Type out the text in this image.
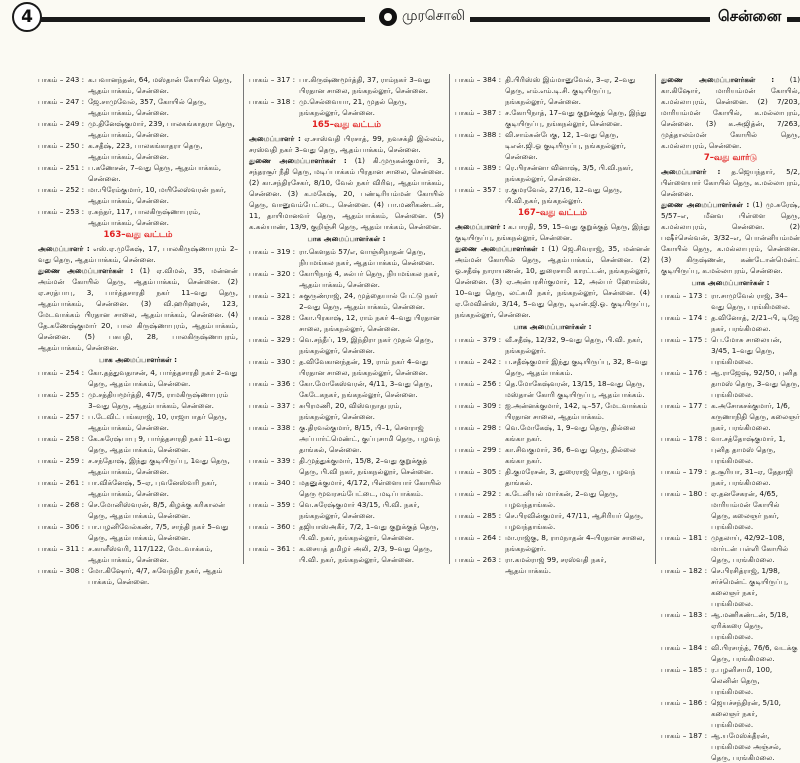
4	முரசொலி	சென்னை
பாகம் – 243 : க.பவானந்தன், 64, மஸ்தான் கோயில் தெரு, ஆதம்பாக்கம், சென்னை.
பாகம் – 247 : ஜே.சாமுவேல், 357, கோயில் தெரு, ஆதம்பாக்கம், சென்னை.
பாகம் – 249 : மு.தினேஷ்குமார், 239, பாலகங்காதரா தெரு, ஆதம்பாக்கம், சென்னை.
பாகம் – 250 : க.சதீஷ், 223, பாலகங்காதரா தெரு, ஆதம்பாக்கம், சென்னை.
பாகம் – 251 : ப.கணேசன், 7–வது தெரு, ஆதம்பாக்கம், சென்னை.
பாகம் – 252 : மா.பிரேம்குமார், 10, மயிலேஸ்வரன் நகர், ஆதம்பாக்கம், சென்னை.
பாகம் – 253 : ர.சுந்தர், 117, பாலகிருஷ்ணாபுரம், ஆதம்பாக்கம், சென்னை.
163–வது வட்டம்
அமைப்பாளர் : எஸ்.ஏ.முகேஷ், 17, பாலகிருஷ்ணாபுரம் 2–வது தெரு, ஆதம்பாக்கம், சென்னை.
துணை அமைப்பாளர்கள் : (1) ஏ.விமல், 35, மன்னன் அம்மன் கோயில் தெரு, ஆதம்பாக்கம், சென்னை. (2) ஏ.சரத்பாபு, 3, பார்த்தசாரதி நகர் 11–வது தெரு, ஆதம்பாக்கம், சென்னை. (3) வி.ஹரிஹரன், 123, மேடவாக்கம் பிரதான சாலை, ஆதம்பாக்கம், சென்னை. (4) தே.கணேஷ்குமார் 20, பால கிருஷ்ணாபுரம், ஆதம்பாக்கம், சென்னை. (5) பசுபதி, 28, பாலகிருஷ்ணாபுரம், ஆதம்பாக்கம், சென்னை.
பாக அமைப்பாளர்கள் :
பாகம் – 254 : கோ.தத்துவதாசன், 4, பார்த்தசாரதி நகர் 2–வது தெரு, ஆதம்பாக்கம், சென்னை.
பாகம் – 255 : மு.சத்தியமூர்த்தி, 47/5, ராமகிருஷ்ணாபுரம் 3–வது தெரு, ஆதம்பாக்கம், சென்னை.
பாகம் – 257 : ப.டேவிட் பங்கராஜ், 10, ராஜாபாதர் தெரு, ஆதம்பாக்கம், சென்னை.
பாகம் – 258 : கே.சுரேஷ்பாபு 9, பார்த்தசாரதி நகர் 11–வது தெரு, ஆதம்பாக்கம், சென்னை.
பாகம் – 259 : ச.சந்தோஷ், இந்து குடியிருப்பு, 1வது தெரு, ஆதம்பாக்கம், சென்னை.
பாகம் – 261 : பா.விக்னேஷ், 5–ஏ, புவனேஸ்வரி நகர், ஆதம்பாக்கம், சென்னை.
பாகம் – 268 : செ.மோனிஸ்வரன், 8/5, கிழக்கு கரிகாலன் தெரு, ஆதம்பாக்கம், சென்னை.
பாகம் – 306 : பா.பழனிவேல்கண், 7/5, சாந்தி நகர் 5–வது தெரு, ஆதம்பாக்கம், சென்னை.
பாகம் – 311 : ச.காளீஸ்வரி, 117/122, மேடவாக்கம், ஆதம்பாக்கம், சென்னை.
பாகம் – 308 : மோ.கிஷோர், 4/7, சுவேந்திர நகர், ஆதம் பாக்கம், சென்னை.
பாகம் – 317 : பா.கிருஷ்ணமூர்த்தி, 37, ராம்நகர் 3–வது பிரதான சாலை, நங்கநல்லூர், சென்னை.
பாகம் – 318 : மு.செல்வையா, 21, முதல் தெரு, நங்கநல்லூர், சென்னை.
165–வது வட்டம்
அமைப்பாளர் : ஏ.சாஸ்வதி பிரசாத், 99, நவசக்தி இல்லம், சரஸ்வதி நகர் 3–வது தெரு, ஆதம்பாக்கம், சென்னை.
துணை அமைப்பாளர்கள் : (1) கி.முருகன்குமார், 3, சந்தரசூர் நீதி தெரு, மடிப்பாக்கம் பிரதான சாலை, சென்னை. (2) கா.சந்திரசேகர், 8/10, வேல் நகர் விரிவு, ஆதம்பாக்கம், சென்னை. (3) க.மகேஷ், 20, பண்டிரியம்மன் கோயில் தெரு, வானுவம்பேட்டை, சென்னை. (4) பா.மணிகண்டன், 11, தாயிமானவர் தெரு, ஆதம்பாக்கம், சென்னை. (5) க.கல்யாண், 13/9, குறிஞ்சி தெரு, ஆதம்பாக்கம், சென்னை.
பாக அமைப்பாளர்கள் :
பாகம் – 319 : ரா.கௌதம் 57/எ, வாஞ்சிநாதன் தெரு, நியமங்கல நகர், ஆதம்பாக்கம், சென்னை.
பாகம் – 320 : கோபிநாத் 4, சுல்பர் தெரு, நியமங்கல நகர், ஆதம்பாக்கம், சென்னை.
பாகம் – 321 : சுகுருண்ராஜ், 24, முத்தையால் பேட்டு நகர் 2–வது தெரு, ஆதம்பாக்கம், சென்னை.
பாகம் – 328 : கோ.பிரகாஷ், 12, ராம் நகர் 4–வது பிரதான சாலை, நங்கநல்லூர், சென்னை.
பாகம் – 329 : வெ.சந்தீப், 19, இந்திரா நகர் முதல் தெரு, நங்கநல்லூர், சென்னை.
பாகம் – 330 : த.விவேகானந்தன், 19, ராம் நகர் 4–வது பிரதான சாலை, நங்கநல்லூர், சென்னை.
பாகம் – 336 : கோ.மோகேஸ்வரன், 4/11, 3–வது தெரு, கேடேகநகர், நங்கநல்லூர், சென்னை.
பாகம் – 337 : சுபிரமணி, 20, விஸ்வநாதபுரம், நங்கநல்லூர், சென்னை.
பாகம் – 338 : கு.திரவல்குமார், 8/15, பி–1, செளராஜ் அப்பார்ட்மெண்ட், குப்புசாமி தெரு, பழவந் தாங்கல், சென்னை.
பாகம் – 339 : தி.முத்துக்குமார், 15/8, 2–வது குறுக்குத் தெரு, பி.வி நகர், நங்கநல்லூர், சென்னை.
பாகம் – 340 : மதனுக்குமார், 4/172, பிள்ளையார் கோயில் தெரு மூவரசம்பேட்டை, மடிப்பாக்கம்.
பாகம் – 359 : வெ.சுரேஷ்குமார் 43/15, பி.வி. நகர், நங்கநல்லூர், சென்னை.
பாகம் – 360 : தஜியாஸ்அகீர், 7/2, 1–வது குறுக்குத் தெரு, பி.வி. நகர், நங்கநல்லூர், சென்னை.
பாகம் – 361 : க.சையத் தமிழர் அலி, 2/3, 9–வது தெரு, பி.வி. நகர், நங்கநல்லூர், சென்னை.
பாகம் – 384 : தி.பிரிஸ்ஸ் இம்மானுவேல், 3–ஏ, 2–வது தெரு, எம்.எம்.டி.சி. குடியிருப்பு, நங்கநல்லூர், சென்னை.
பாகம் – 387 : ச.கோபிநாத், 17–வது குறுக்குத் தெரு, இந்து குடியிருப்பு, நங்கநல்லூர், சென்னை.
பாகம் – 388 : வி.சாம்சுன்பேகு, 12, 1–வது தெரு, டிஎன்.ஜி.ஓ குடியிருப்பு, நங்கநல்லூர், சென்னை.
பாகம் – 389 : ரெ.பிரசன்னா வினாஷ், 3/5, பி.வி.நகர், நங்கநல்லூர், சென்னை.
பாகம் – 357 : ர.குமரவேல், 27/16, 12–வது தெரு, பி.வி.நகர், நங்கநல்லூர்.
167–வது வட்டம்
அமைப்பாளர் : க.பாரதி, 59, 15–வது குறுக்குத் தெரு, இந்து குடியிருப்பு, நங்கநல்லூர், சென்னை.
துணை அமைப்பாளர்கள் : (1) ஜெ.சிவராஜ், 35, மன்னன் அம்மன் கோயில் தெரு, ஆதம்பாக்கம், சென்னை. (2) ஓ.சதீஷ் நாராயணன், 10, துரைசாமி காரட்டன், நங்கநல்லூர், சென்னை. (3) ஏ.அன்பரசிர்குமார், 12, அல்பர் ஹோம்ஸ், 10–வது தெரு, லட்சுமி நகர், நங்கநல்லூர், சென்னை. (4) ஏ.மேவின்ஸ், 3/14, 5–வது தெரு, டிஎன்.ஜி.ஓ. குடியிருப்பு, நங்கநல்லூர், சென்னை.
பாக அமைப்பாளர்கள் :
பாகம் – 379 : வீ.சதீஷ், 12/32, 9–வது தெரு, பி.வி. நகர், நங்கநல்லூர்.
பாகம் – 242 : ப.சதீஷ்குமார் இந்து குடியிருப்பு, 32, 8–வது தெரு, ஆதம்பாக்கம்.
பாகம் – 256 : தெ.மோகேஷ்வரன், 13/15, 18–வது தெரு, மஸ்தான் கோரி குடியிருப்பு, ஆதம்பாக்கம்.
பாகம் – 309 : ஐ.அன்னக்குமார், 142, டி–57, மேடவாக்கம் பிரதான சாலை, ஆதம்பாக்கம்.
பாகம் – 298 : வெ.மோகேஷ், 1, 9–வது தெரு, தில்லை கங்கா நகர்.
பாகம் – 299 : கா.சிவகுமார், 36, 6–வது தெரு, தில்லை கங்கா நகர்.
பாகம் – 305 : தி.குமரேசன், 3, துரைராஜ் தெரு, பழவந் தாங்கல்.
பாகம் – 292 : க.டேனியல் மார்கன், 2–வது தெரு, பழவந்தாங்கல்.
பாகம் – 285 : செ.பிரவின்குமார், 47/11, ஆசிரியர் தெரு, பழவந்தாங்கல்.
பாகம் – 264 : மா.ராஜ்கு, 8, ராமநாதன் 4–பிரதான சாலை, நங்கநல்லூர்.
பாகம் – 263 : ரா.கமல்ராஜ் 99, சரஸ்வதி நகர், ஆதம்பாக்கம்.
துணை அமைப்பாளர்கள் : (1) கா.கிஷோர், மாரியம்மன் கோயில், க.மல்லாபுரம், சென்னை. (2) 7/203, மாரியம்மன் கோயில், க.மல்லாபுரம், சென்னை. (3) க.அஜித்ன், 7/263, முத்தாலம்மன் கோயில் தெரு, க.மல்லாபுரம், சென்னை.
7–வது வார்டு
அமைப்பாளர் : த.ஜெயந்தார், 5/2, பிள்ளையார் கோயில் தெரு, க.மல்லாபுரம், சென்னை.
துணை அமைப்பாளர்கள் : (1) மு.சுரேஷ், 5/57–எ, மீனவ பிள்ளை தெரு, க.மல்லாபுரம், சென்னை. (2) பஷீர்செல்வன், 3/32–எ, பொன்னியம்மன் கோயில் தெரு, க.மல்லாபுரம், சென்னை. (3) கிருஷ்ணன், கண்டோன்மென்ட் குடியிருப்பு, க.மல்லாபுரம், சென்னை.
பாக அமைப்பாளர்கள் :
பாகம் – 173 : ரா.சாமுவேல் ராஜ், 34–வது தெரு, பரங்கிமலை.
பாகம் – 174 : த.வினோத், 2/21–பி, டிஜே நகர், பரங்கிமலை.
பாகம் – 175 : பெ.மோசு சாலையன், 3/45, 1–வது தெரு, பரங்கிமலை.
பாகம் – 176 : ஆ.ராஜேஷ், 92/50, புனித தாமஸ் தெரு, 3–வது தெரு, பரங்கிமலை.
பாகம் – 177 : க.அசோகசக்குமார், 1/6, கருணாநிதி தெரு, கலைஞர் நகர், பரங்கிமலை.
பாகம் – 178 : வா.சத்தோஷ்குமார், 1, புனித தாமஸ் தெரு, பரங்கிமலை.
பாகம் – 179 : த.சூரியா, 31–ஏ, தேதாஜி நகர், பரங்கிமலை.
பாகம் – 180 : ஏ.தனசேகரன், 4/65, மாரியம்மன் கோயில் தெரு, கலைஞர் நகர், பரங்கிமலை.
பாகம் – 181 : முதலாய், 42/92–108, மார்டன் பள்ளி கோயில் தெரு, பரங்கிமலை.
பாகம் – 182 : செ.பிரசித்ராஜ், 1/98, சர்ச்மென்ட் குடியிருப்பு, கலைஞர் நகர், பரங்கிமலை.
பாகம் – 183 : ஆ.மணிகண்டன், 5/18, ஏரிக்கரை தெரு, பரங்கிமலை.
பாகம் – 184 : வி.பிரசாந்த், 76/6, வடக்கு தெரு, பரங்கிமலை.
பாகம் – 185 : ர.பழனிசாமி, 100, லெனின் தெரு, பரங்கிமலை.
பாகம் – 186 : ஜெயச்சந்திரன், 5/10, கலைஞர் நகர், பரங்கிமலை.
பாகம் – 187 : ஆ.யமேஸ்க்தீரன், பரங்கிமலை அஞ்சல், தெரு, பரங்கிமலை.
